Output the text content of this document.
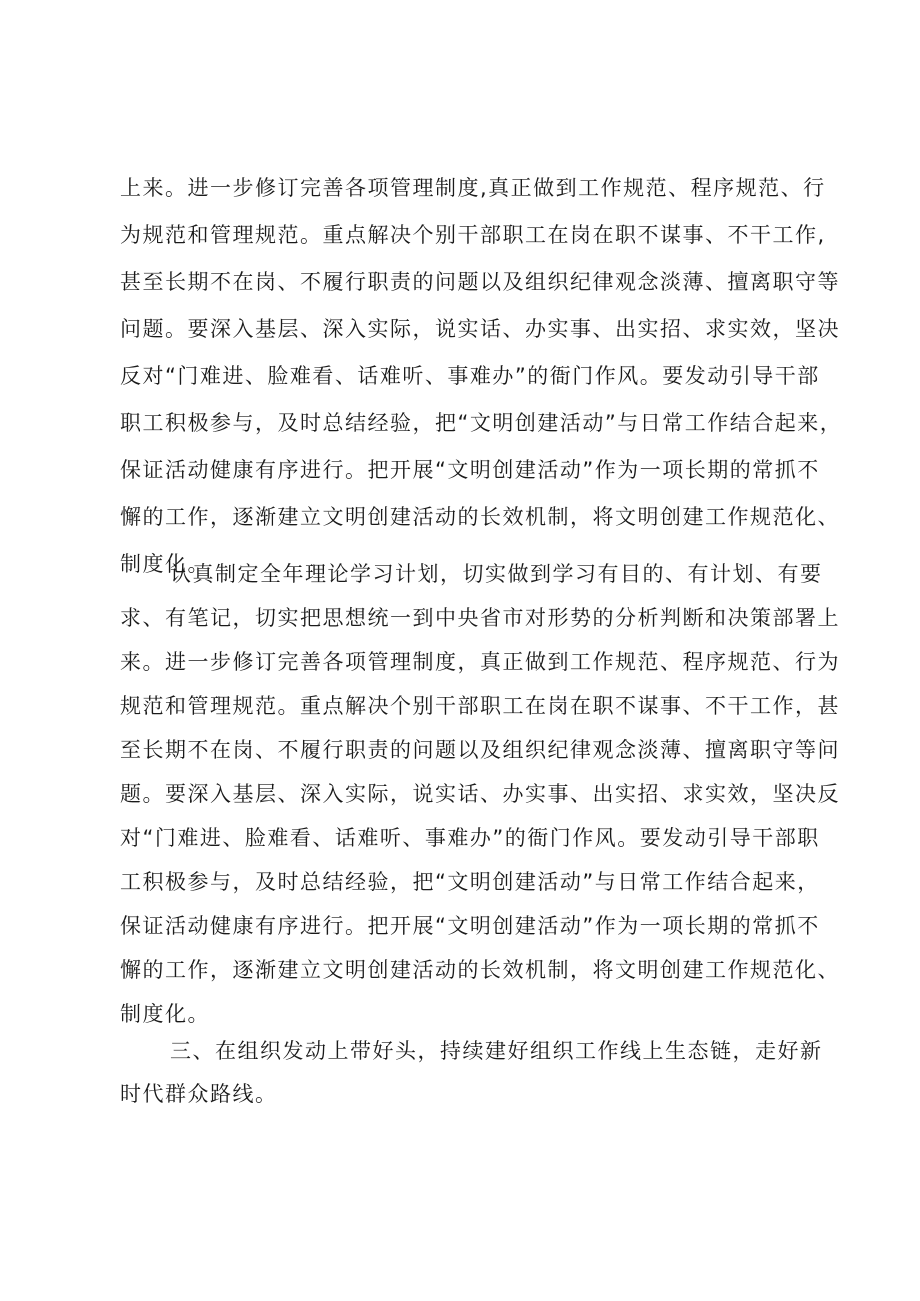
上来。进一步修订完善各项管理制度,真正做到工作规范、程序规范、行
为规范和管理规范。重点解决个别干部职工在岗在职不谋事、不干工作,
甚至长期不在岗、不履行职责的问题以及组织纪律观念淡薄、擅离职守等
问题。要深入基层、深入实际，说实话、办实事、出实招、求实效，坚决
反对“门难进、脸难看、话难听、事难办”的衙门作风。要发动引导干部
职工积极参与，及时总结经验，把“文明创建活动”与日常工作结合起来，
保证活动健康有序进行。把开展“文明创建活动”作为一项长期的常抓不
懈的工作，逐渐建立文明创建活动的长效机制，将文明创建工作规范化、
制度化。
认真制定全年理论学习计划，切实做到学习有目的、有计划、有要
求、有笔记，切实把思想统一到中央省市对形势的分析判断和决策部署上
来。进一步修订完善各项管理制度，真正做到工作规范、程序规范、行为
规范和管理规范。重点解决个别干部职工在岗在职不谋事、不干工作，甚
至长期不在岗、不履行职责的问题以及组织纪律观念淡薄、擅离职守等问
题。要深入基层、深入实际，说实话、办实事、出实招、求实效，坚决反
对“门难进、脸难看、话难听、事难办”的衙门作风。要发动引导干部职
工积极参与，及时总结经验，把“文明创建活动”与日常工作结合起来，
保证活动健康有序进行。把开展“文明创建活动”作为一项长期的常抓不
懈的工作，逐渐建立文明创建活动的长效机制，将文明创建工作规范化、
制度化。
三、在组织发动上带好头，持续建好组织工作线上生态链，走好新
时代群众路线。
